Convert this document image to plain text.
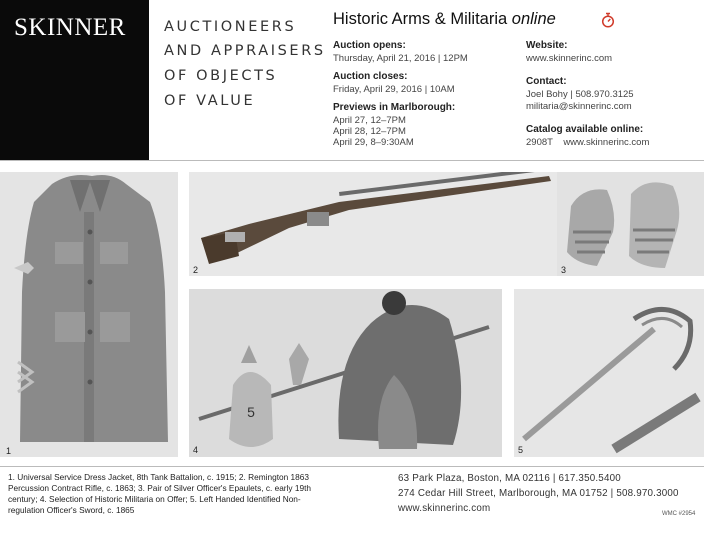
SKINNER	AUCTIONEERS
AND APPRAISERS
OF OBJECTS
OF VALUE
Historic Arms & Militaria online
Auction opens:
Thursday, April 21, 2016 | 12PM
Auction closes:
Friday, April 29, 2016 | 10AM
Previews in Marlborough:
April 27, 12–7PM
April 28, 12–7PM
April 29, 8–9:30AM
Website:
www.skinnerinc.com
Contact:
Joel Bohy | 508.970.3125
militaria@skinnerinc.com
Catalog available online:
2908T    www.skinnerinc.com
1
2	3
5
4	5
1. Universal Service Dress Jacket, 8th Tank Battalion, c. 1915; 2. Remington 1863
Percussion Contract Rifle, c. 1863; 3. Pair of Silver Officer's Epaulets, c. early 19th
century; 4. Selection of Historic Militaria on Offer; 5. Left Handed Identified Non-
regulation Officer's Sword, c. 1865
63 Park Plaza, Boston, MA 02116 | 617.350.5400
274 Cedar Hill Street, Marlborough, MA 01752 | 508.970.3000
www.skinnerinc.com	WMC #2954
